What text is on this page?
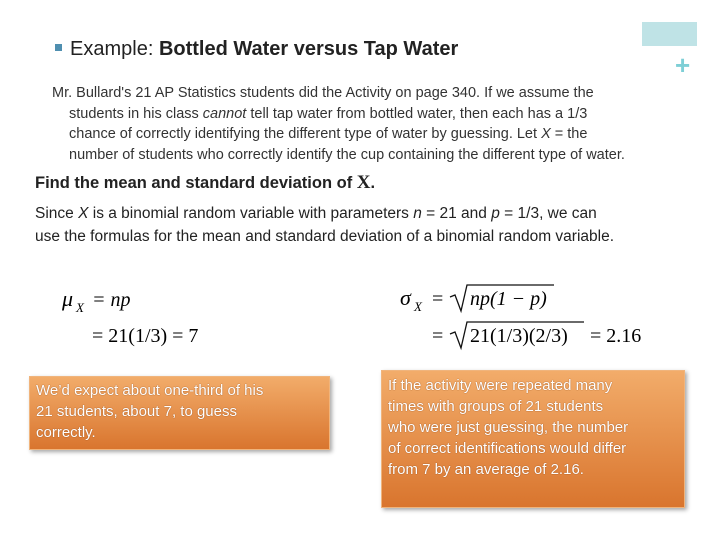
+
Example: Bottled Water versus Tap Water
Mr. Bullard's 21 AP Statistics students did the Activity on page 340. If we assume the
students in his class cannot tell tap water from bottled water, then each has a 1/3
chance of correctly identifying the different type of water by guessing. Let X = the
number of students who correctly identify the cup containing the different type of water.
Find the mean and standard deviation of X.
Since X is a binomial random variable with parameters n = 21 and p = 1/3, we can
use the formulas for the mean and standard deviation of a binomial random variable.
μ X = np
= 21(1/3) = 7
σ X = np(1 − p)
= 21(1/3)(2/3) = 2.16
We’d expect about one-third of his
21 students, about 7, to guess
correctly.
If the activity were repeated many
times with groups of 21 students
who were just guessing, the number
of correct identifications would differ
from 7 by an average of 2.16.
